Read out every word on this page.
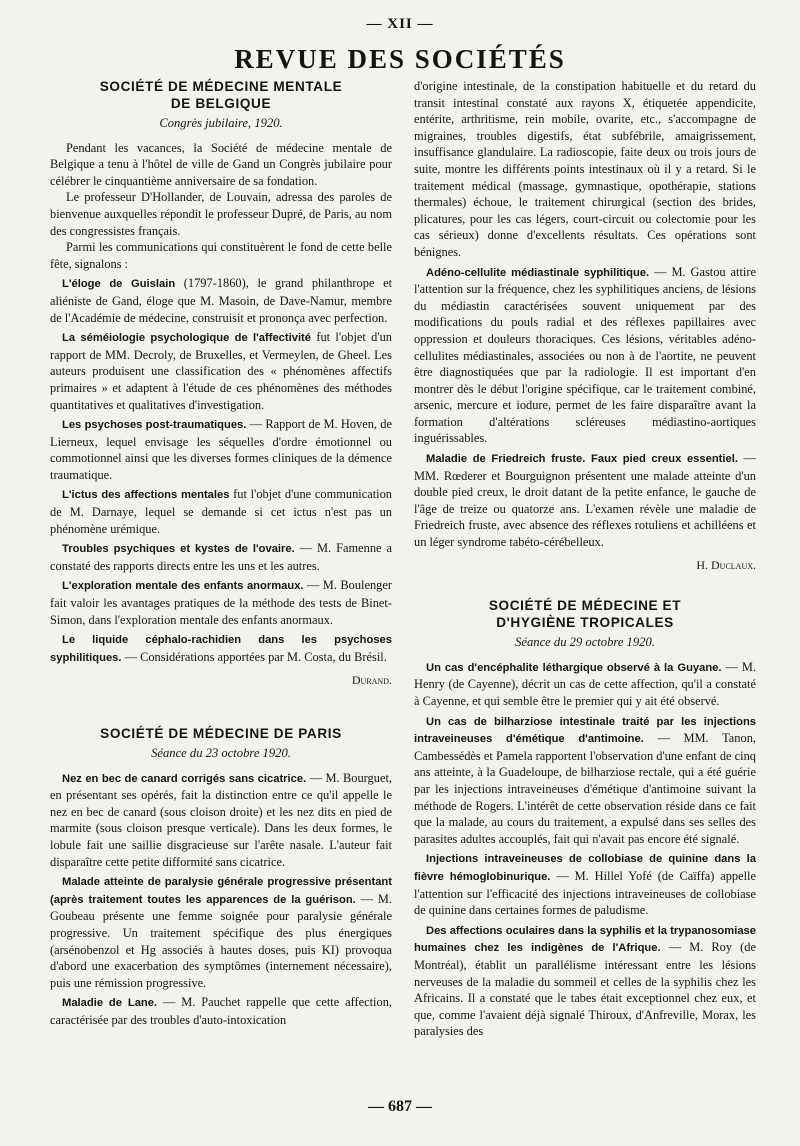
— XII —
REVUE DES SOCIÉTÉS
SOCIÉTÉ DE MÉDECINE MENTALE
DE BELGIQUE
Congrès jubilaire, 1920.

Pendant les vacances, la Société de médecine mentale de Belgique a tenu à l'hôtel de ville de Gand un Congrès jubilaire pour célébrer le cinquantième anniversaire de sa fondation.

Le professeur D'Hollander, de Louvain, adressa des paroles de bienvenue auxquelles répondit le professeur Dupré, de Paris, au nom des congressistes français.

Parmi les communications qui constituèrent le fond de cette belle fête, signalons :

L'éloge de Guislain (1797-1860), le grand philanthrope et aliéniste de Gand, éloge que M. Masoin, de Dave-Namur, membre de l'Académie de médecine, construisit et prononça avec perfection.

La séméiologie psychologique de l'affectivité fut l'objet d'un rapport de MM. Decroly, de Bruxelles, et Vermeylen, de Gheel. Les auteurs produisent une classification des « phénomènes affectifs primaires » et adaptent à l'étude de ces phénomènes des méthodes quantitatives et qualitatives d'investigation.

Les psychoses post-traumatiques. — Rapport de M. Hoven, de Lierneux, lequel envisage les séquelles d'ordre émotionnel ou commotionnel ainsi que les diverses formes cliniques de la démence traumatique.

L'ictus des affections mentales fut l'objet d'une communication de M. Darnaye, lequel se demande si cet ictus n'est pas un phénomène urémique.

Troubles psychiques et kystes de l'ovaire. — M. Famenne a constaté des rapports directs entre les uns et les autres.

L'exploration mentale des enfants anormaux. — M. Boulenger fait valoir les avantages pratiques de la méthode des tests de Binet-Simon, dans l'exploration mentale des enfants anormaux.

Le liquide céphalo-rachidien dans les psychoses syphilitiques. — Considérations apportées par M. Costa, du Brésil.

Durand.
SOCIÉTÉ DE MÉDECINE DE PARIS
Séance du 23 octobre 1920.

Nez en bec de canard corrigés sans cicatrice. — M. Bourguet, en présentant ses opérés, fait la distinction entre ce qu'il appelle le nez en bec de canard (sous cloison droite) et les nez dits en pied de marmite (sous cloison presque verticale). Dans les deux formes, le lobule fait une saillie disgracieuse sur l'arête nasale. L'auteur fait disparaître cette petite difformité sans cicatrice.

Malade atteinte de paralysie générale progressive présentant (après traitement toutes les apparences de la guérison. — M. Goubeau présente une femme soignée pour paralysie générale progressive. Un traitement spécifique des plus énergiques (arsénobenzol et Hg associés à hautes doses, puis KI) provoqua d'abord une exacerbation des symptômes (internement nécessaire), puis une rémission progressive.

Maladie de Lane. — M. Pauchet rappelle que cette affection, caractérisée par des troubles d'auto-intoxication

d'origine intestinale, de la constipation habituelle et du retard du transit intestinal constaté aux rayons X, étiquetée appendicite, entérite, arthritisme, rein mobile, ovarite, etc., s'accompagne de migraines, troubles digestifs, état subfébrile, amaigrissement, insuffisance glandulaire. La radioscopie, faite deux ou trois jours de suite, montre les différents points intestinaux où il y a retard. Si le traitement médical (massage, gymnastique, opothérapie, stations thermales) échoue, le traitement chirurgical (section des brides, plicatures, pour les cas légers, court-circuit ou colectomie pour les cas sérieux) donne d'excellents résultats. Ces opérations sont bénignes.

Adéno-cellulite médiastinale syphilitique. — M. Gastou attire l'attention sur la fréquence, chez les syphilitiques anciens, de lésions du médiastin caractérisées souvent uniquement par des modifications du pouls radial et des réflexes papillaires avec oppression et douleurs thoraciques. Ces lésions, véritables adéno-cellulites médiastinales, associées ou non à de l'aortite, ne peuvent être diagnostiquées que par la radiologie. Il est important d'en montrer dès le début l'origine spécifique, car le traitement combiné, arsenic, mercure et iodure, permet de les faire disparaître avant la formation d'altérations scléreuses médiastino-aortiques inguérissables.

Maladie de Friedreich fruste. Faux pied creux essentiel. — MM. Rœderer et Bourguignon présentent une malade atteinte d'un double pied creux, le droit datant de la petite enfance, le gauche de l'âge de treize ou quatorze ans. L'examen révèle une maladie de Friedreich fruste, avec absence des réflexes rotuliens et achilléens et un léger syndrome tabéto-cérébelleux.

H. Duclaux.
SOCIÉTÉ DE MÉDECINE ET
D'HYGIÈNE TROPICALES
Séance du 29 octobre 1920.

Un cas d'encéphalite léthargique observé à la Guyane. — M. Henry (de Cayenne), décrit un cas de cette affection, qu'il a constaté à Cayenne, et qui semble être le premier qui y ait été observé.

Un cas de bilharziose intestinale traité par les injections intraveineuses d'émétique d'antimoine. — MM. Tanon, Cambessédès et Pamela rapportent l'observation d'une enfant de cinq ans atteinte, à la Guadeloupe, de bilharziose rectale, qui a été guérie par les injections intraveineuses d'émétique d'antimoine suivant la méthode de Rogers. L'intérêt de cette observation réside dans ce fait que la malade, au cours du traitement, a expulsé dans ses selles des parasites adultes accouplés, fait qui n'avait pas encore été signalé.

Injections intraveineuses de collobiase de quinine dans la fièvre hémoglobinurique. — M. Hillel Yofé (de Caïffa) appelle l'attention sur l'efficacité des injections intraveineuses de collobiase de quinine dans certaines formes de paludisme.

Des affections oculaires dans la syphilis et la trypanosomiase humaines chez les indigènes de l'Afrique. — M. Roy (de Montréal), établit un parallélisme intéressant entre les lésions nerveuses de la maladie du sommeil et celles de la syphilis chez les Africains. Il a constaté que le tabes était exceptionnel chez eux, et que, comme l'avaient déjà signalé Thiroux, d'Anfreville, Morax, les paralysies des

— 687 —
